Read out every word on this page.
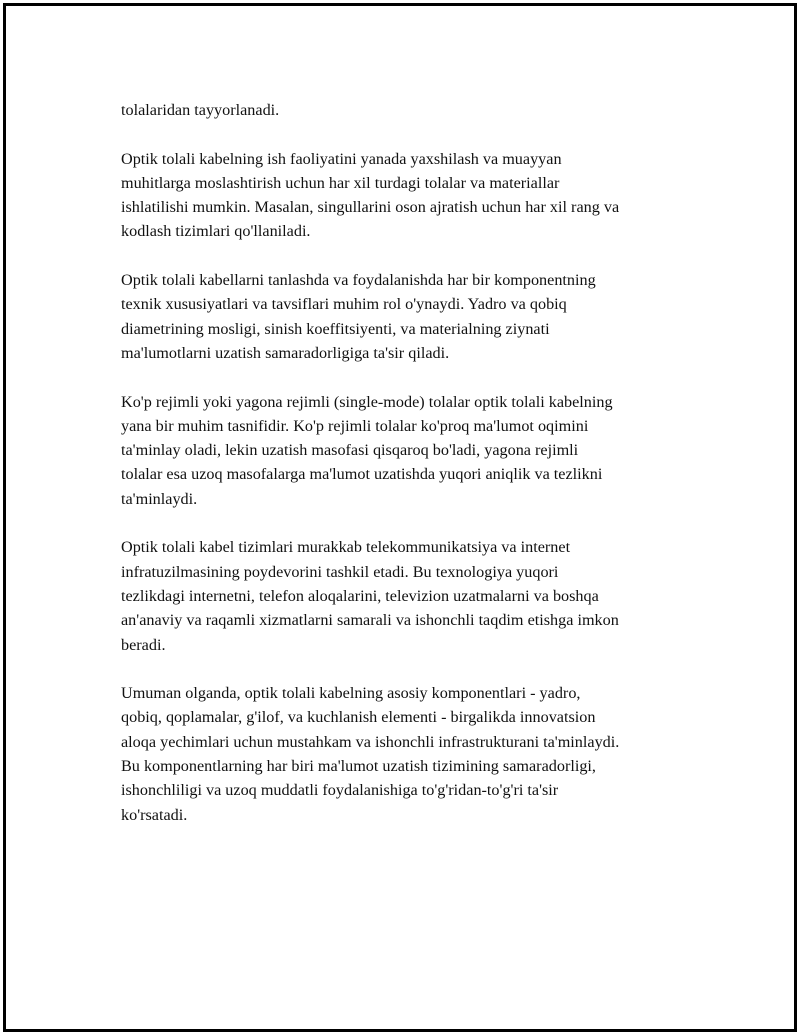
tolalaridan tayyorlanadi.

Optik tolali kabelning ish faoliyatini yanada yaxshilash va muayyan
muhitlarga moslashtirish uchun har xil turdagi tolalar va materiallar
ishlatilishi mumkin. Masalan, singullarini oson ajratish uchun har xil rang va
kodlash tizimlari qo'llaniladi.

Optik tolali kabellarni tanlashda va foydalanishda har bir komponentning
texnik xususiyatlari va tavsiflari muhim rol o'ynaydi. Yadro va qobiq
diametrining mosligi, sinish koeffitsiyenti, va materialning ziynati
ma'lumotlarni uzatish samaradorligiga ta'sir qiladi.

Ko'p rejimli yoki yagona rejimli (single-mode) tolalar optik tolali kabelning
yana bir muhim tasnifidir. Ko'p rejimli tolalar ko'proq ma'lumot oqimini
ta'minlay oladi, lekin uzatish masofasi qisqaroq bo'ladi, yagona rejimli
tolalar esa uzoq masofalarga ma'lumot uzatishda yuqori aniqlik va tezlikni
ta'minlaydi.

Optik tolali kabel tizimlari murakkab telekommunikatsiya va internet
infratuzilmasining poydevorini tashkil etadi. Bu texnologiya yuqori
tezlikdagi internetni, telefon aloqalarini, televizion uzatmalarni va boshqa
an'anaviy va raqamli xizmatlarni samarali va ishonchli taqdim etishga imkon
beradi.

Umuman olganda, optik tolali kabelning asosiy komponentlari - yadro,
qobiq, qoplamalar, g'ilof, va kuchlanish elementi - birgalikda innovatsion
aloqa yechimlari uchun mustahkam va ishonchli infrastrukturani ta'minlaydi.
Bu komponentlarning har biri ma'lumot uzatish tizimining samaradorligi,
ishonchliligi va uzoq muddatli foydalanishiga to'g'ridan-to'g'ri ta'sir
ko'rsatadi.
